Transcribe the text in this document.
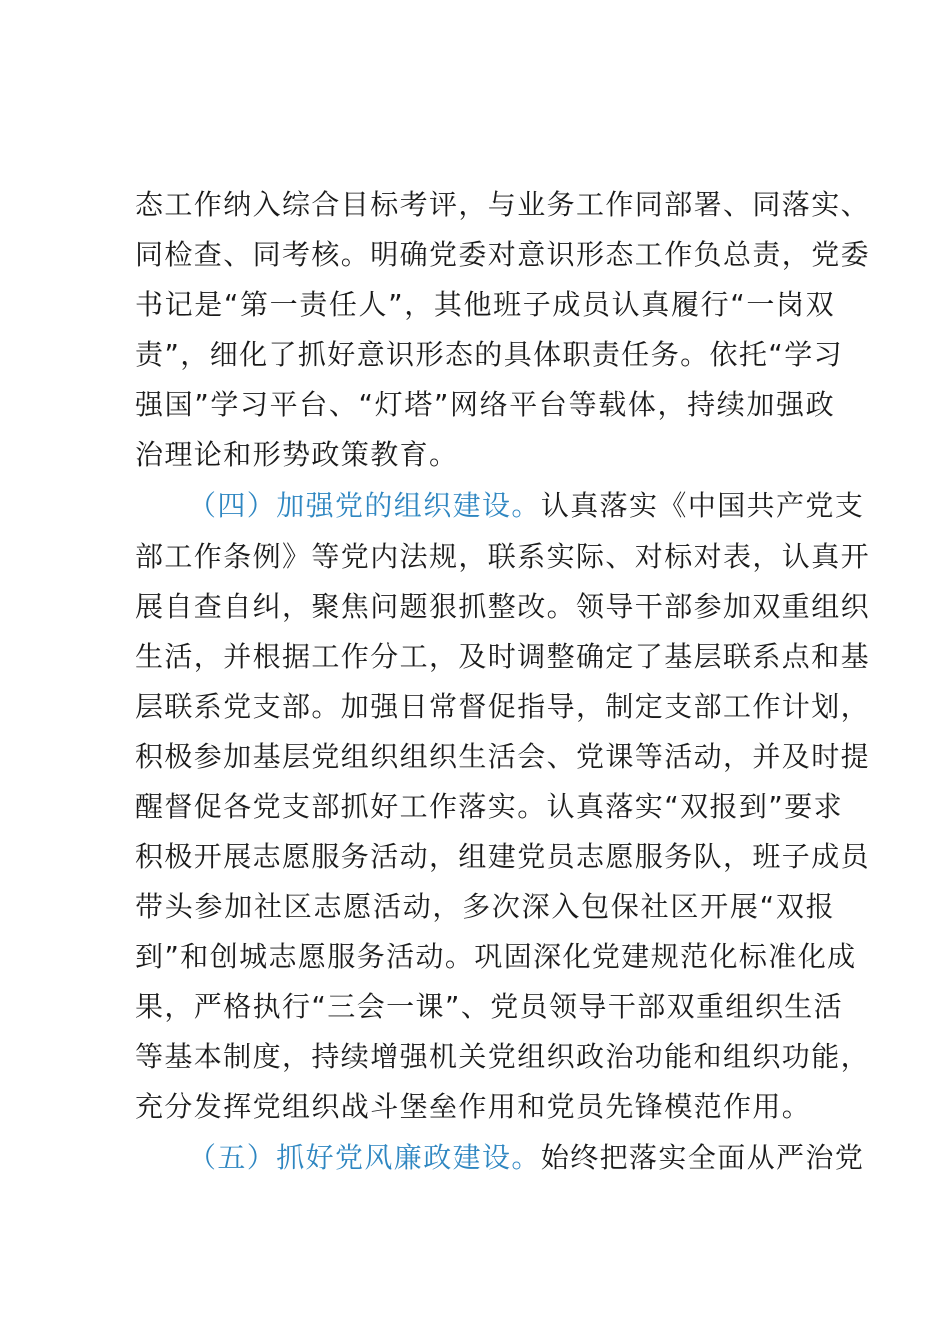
态工作纳入综合目标考评，与业务工作同部署、同落实、
同检查、同考核。明确党委对意识形态工作负总责，党委
书记是“第一责任人”，其他班子成员认真履行“一岗双
责”，细化了抓好意识形态的具体职责任务。依托“学习
强国”学习平台、“灯塔”网络平台等载体，持续加强政
治理论和形势政策教育。
（四）加强党的组织建设。认真落实《中国共产党支
部工作条例》等党内法规，联系实际、对标对表，认真开
展自查自纠，聚焦问题狠抓整改。领导干部参加双重组织
生活，并根据工作分工，及时调整确定了基层联系点和基
层联系党支部。加强日常督促指导，制定支部工作计划，
积极参加基层党组织组织生活会、党课等活动，并及时提
醒督促各党支部抓好工作落实。认真落实“双报到”要求
积极开展志愿服务活动，组建党员志愿服务队，班子成员
带头参加社区志愿活动，多次深入包保社区开展“双报
到”和创城志愿服务活动。巩固深化党建规范化标准化成
果，严格执行“三会一课”、党员领导干部双重组织生活
等基本制度，持续增强机关党组织政治功能和组织功能，
充分发挥党组织战斗堡垒作用和党员先锋模范作用。
（五）抓好党风廉政建设。始终把落实全面从严治党
